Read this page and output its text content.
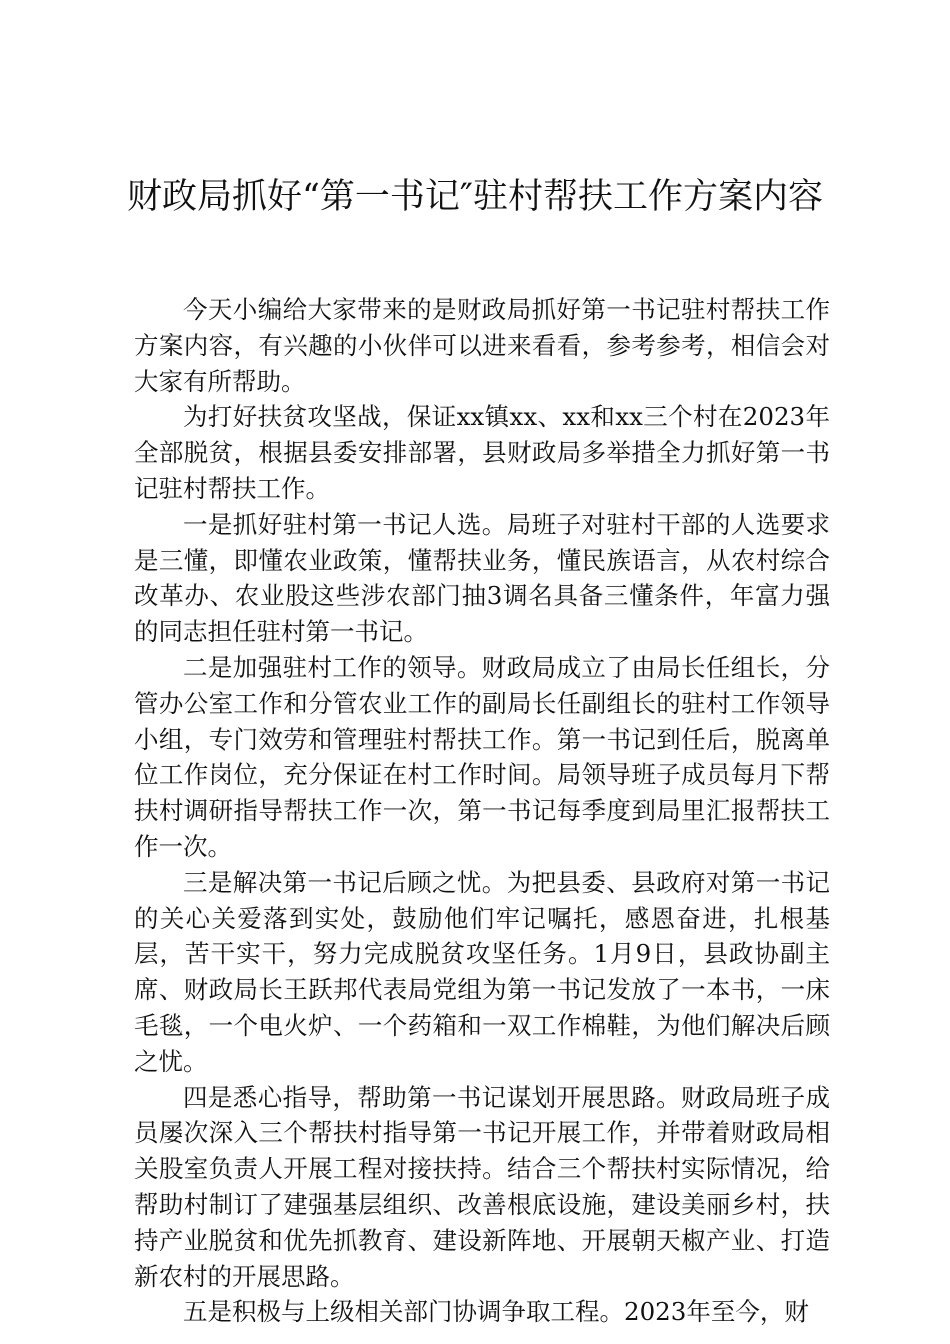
财政局抓好“第一书记″驻村帮扶工作方案内容

今天小编给大家带来的是财政局抓好第一书记驻村帮扶工作方案内容，有兴趣的小伙伴可以进来看看，参考参考，相信会对大家有所帮助。

为打好扶贫攻坚战，保证xx镇xx、xx和xx三个村在2023年全部脱贫，根据县委安排部署，县财政局多举措全力抓好第一书记驻村帮扶工作。

一是抓好驻村第一书记人选。局班子对驻村干部的人选要求是三懂，即懂农业政策，懂帮扶业务，懂民族语言，从农村综合改革办、农业股这些涉农部门抽3调名具备三懂条件，年富力强的同志担任驻村第一书记。

二是加强驻村工作的领导。财政局成立了由局长任组长，分管办公室工作和分管农业工作的副局长任副组长的驻村工作领导小组，专门效劳和管理驻村帮扶工作。第一书记到任后，脱离单位工作岗位，充分保证在村工作时间。局领导班子成员每月下帮扶村调研指导帮扶工作一次，第一书记每季度到局里汇报帮扶工作一次。

三是解决第一书记后顾之忧。为把县委、县政府对第一书记的关心关爱落到实处，鼓励他们牢记嘱托，感恩奋进，扎根基层，苦干实干，努力完成脱贫攻坚任务。1月9日，县政协副主席、财政局长王跃邦代表局党组为第一书记发放了一本书，一床毛毯，一个电火炉、一个药箱和一双工作棉鞋，为他们解决后顾之忧。

四是悉心指导，帮助第一书记谋划开展思路。财政局班子成员屡次深入三个帮扶村指导第一书记开展工作，并带着财政局相关股室负责人开展工程对接扶持。结合三个帮扶村实际情况，给帮助村制订了建强基层组织、改善根底设施，建设美丽乡村，扶持产业脱贫和优先抓教育、建设新阵地、开展朝天椒产业、打造新农村的开展思路。

五是积极与上级相关部门协调争取工程。2023年至今，财
